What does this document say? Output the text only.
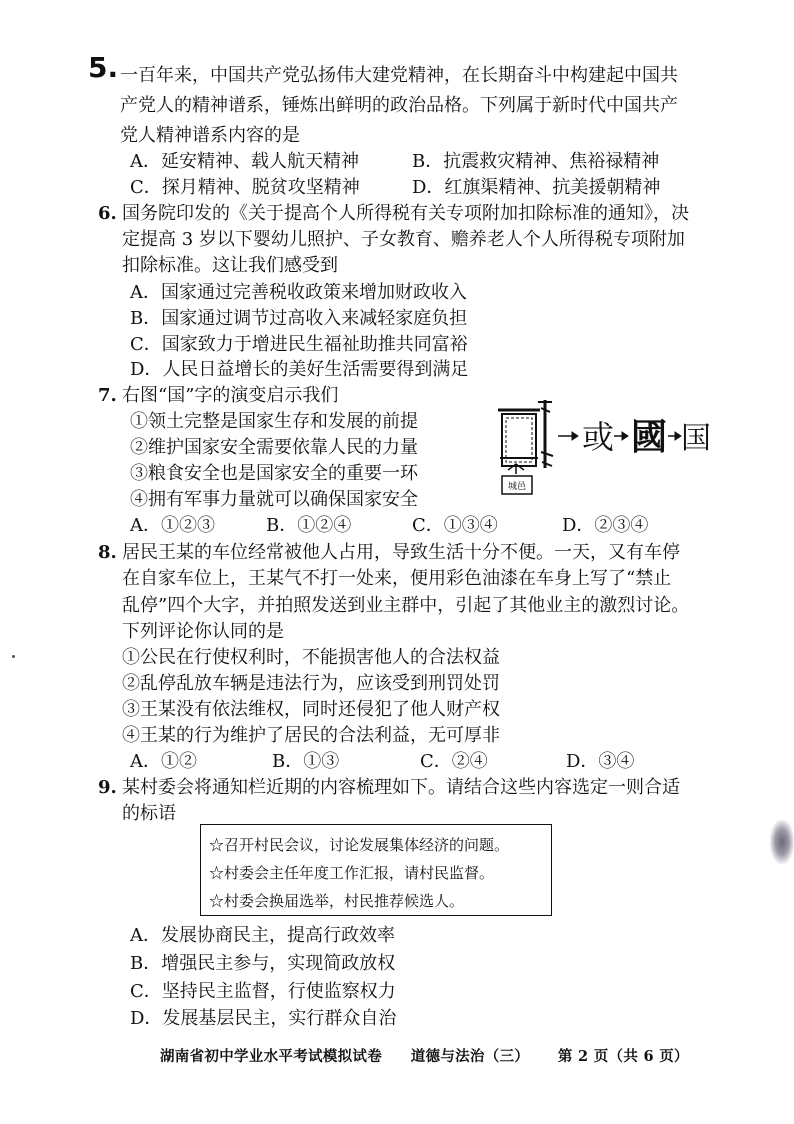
5. 一百年来，中国共产党弘扬伟大建党精神，在长期奋斗中构建起中国共
产党人的精神谱系，锤炼出鲜明的政治品格。下列属于新时代中国共产
党人精神谱系内容的是
A．延安精神、载人航天精神	B．抗震救灾精神、焦裕禄精神
C．探月精神、脱贫攻坚精神	D．红旗渠精神、抗美援朝精神
6. 国务院印发的《关于提高个人所得税有关专项附加扣除标准的通知》，决
定提高 3 岁以下婴幼儿照护、子女教育、赡养老人个人所得税专项附加
扣除标准。这让我们感受到
A．国家通过完善税收政策来增加财政收入
B．国家通过调节过高收入来减轻家庭负担
C．国家致力于增进民生福祉助推共同富裕
D．人民日益增长的美好生活需要得到满足
7. 右图“国”字的演变启示我们
①领土完整是国家生存和发展的前提
②维护国家安全需要依靠人民的力量
③粮食安全也是国家安全的重要一环
④拥有军事力量就可以确保国家安全
A．①②③	B．①②④	C．①③④	D．②③④
城邑
或 國 国
8. 居民王某的车位经常被他人占用，导致生活十分不便。一天，又有车停
在自家车位上，王某气不打一处来，便用彩色油漆在车身上写了“禁止
乱停”四个大字，并拍照发送到业主群中，引起了其他业主的激烈讨论。
下列评论你认同的是
①公民在行使权利时，不能损害他人的合法权益
②乱停乱放车辆是违法行为，应该受到刑罚处罚
③王某没有依法维权，同时还侵犯了他人财产权
④王某的行为维护了居民的合法利益，无可厚非
A．①②	B．①③	C．②④	D．③④
9. 某村委会将通知栏近期的内容梳理如下。请结合这些内容选定一则合适
的标语
☆召开村民会议，讨论发展集体经济的问题。
☆村委会主任年度工作汇报，请村民监督。
☆村委会换届选举，村民推荐候选人。
A．发展协商民主，提高行政效率
B．增强民主参与，实现简政放权
C．坚持民主监督，行使监察权力
D．发展基层民主，实行群众自治
湖南省初中学业水平考试模拟试卷 道德与法治（三） 第 2 页（共 6 页）
